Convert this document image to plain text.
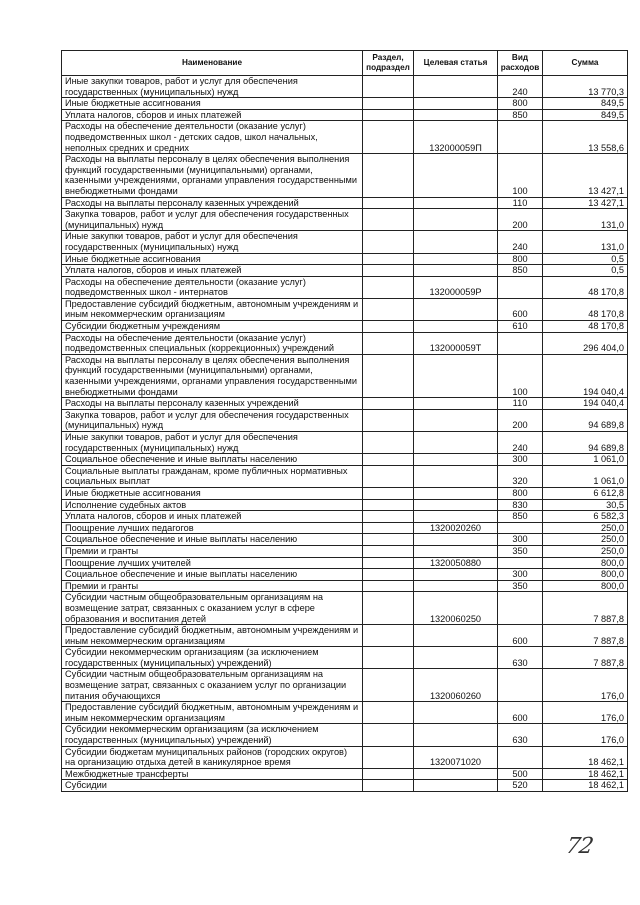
Наименование	Раздел, подраздел	Целевая статья	Вид расходов	Сумма
Иные закупки товаров, работ и услуг для обеспечения государственных (муниципальных) нужд			240	13 770,3
Иные бюджетные ассигнования			800	849,5
Уплата налогов, сборов и иных платежей			850	849,5
Расходы на обеспечение деятельности (оказание услуг) подведомственных школ - детских садов, школ начальных, неполных средних и средних		132000059П		13 558,6
Расходы на выплаты персоналу в целях обеспечения выполнения функций государственными (муниципальными) органами, казенными учреждениями, органами управления государственными внебюджетными фондами			100	13 427,1
Расходы на выплаты персоналу казенных учреждений			110	13 427,1
Закупка товаров, работ и услуг для обеспечения государственных (муниципальных) нужд			200	131,0
Иные закупки товаров, работ и услуг для обеспечения государственных (муниципальных) нужд			240	131,0
Иные бюджетные ассигнования			800	0,5
Уплата налогов, сборов и иных платежей			850	0,5
Расходы на обеспечение деятельности (оказание услуг) подведомственных школ - интернатов		132000059Р		48 170,8
Предоставление субсидий бюджетным, автономным учреждениям и иным некоммерческим организациям			600	48 170,8
Субсидии бюджетным учреждениям			610	48 170,8
Расходы на обеспечение деятельности (оказание услуг) подведомственных специальных (коррекционных) учреждений		132000059Т		296 404,0
Расходы на выплаты персоналу в целях обеспечения выполнения функций государственными (муниципальными) органами, казенными учреждениями, органами управления государственными внебюджетными фондами			100	194 040,4
Расходы на выплаты персоналу казенных учреждений			110	194 040,4
Закупка товаров, работ и услуг для обеспечения государственных (муниципальных) нужд			200	94 689,8
Иные закупки товаров, работ и услуг для обеспечения государственных (муниципальных) нужд			240	94 689,8
Социальное обеспечение и иные выплаты населению			300	1 061,0
Социальные выплаты гражданам, кроме публичных нормативных социальных выплат			320	1 061,0
Иные бюджетные ассигнования			800	6 612,8
Исполнение судебных актов			830	30,5
Уплата налогов, сборов и иных платежей			850	6 582,3
Поощрение лучших педагогов		1320020260		250,0
Социальное обеспечение и иные выплаты населению			300	250,0
Премии и гранты			350	250,0
Поощрение лучших учителей		1320050880		800,0
Социальное обеспечение и иные выплаты населению			300	800,0
Премии и гранты			350	800,0
Субсидии частным общеобразовательным организациям на возмещение затрат, связанных с оказанием услуг в сфере образования и воспитания детей		1320060250		7 887,8
Предоставление субсидий бюджетным, автономным учреждениям и иным некоммерческим организациям			600	7 887,8
Субсидии некоммерческим организациям (за исключением государственных (муниципальных) учреждений)			630	7 887,8
Субсидии частным общеобразовательным организациям на возмещение затрат, связанных с оказанием услуг по организации питания обучающихся		1320060260		176,0
Предоставление субсидий бюджетным, автономным учреждениям и иным некоммерческим организациям			600	176,0
Субсидии некоммерческим организациям (за исключением государственных (муниципальных) учреждений)			630	176,0
Субсидии бюджетам муниципальных районов (городских округов) на организацию отдыха детей в каникулярное время		1320071020		18 462,1
Межбюджетные трансферты			500	18 462,1
Субсидии			520	18 462,1
72
